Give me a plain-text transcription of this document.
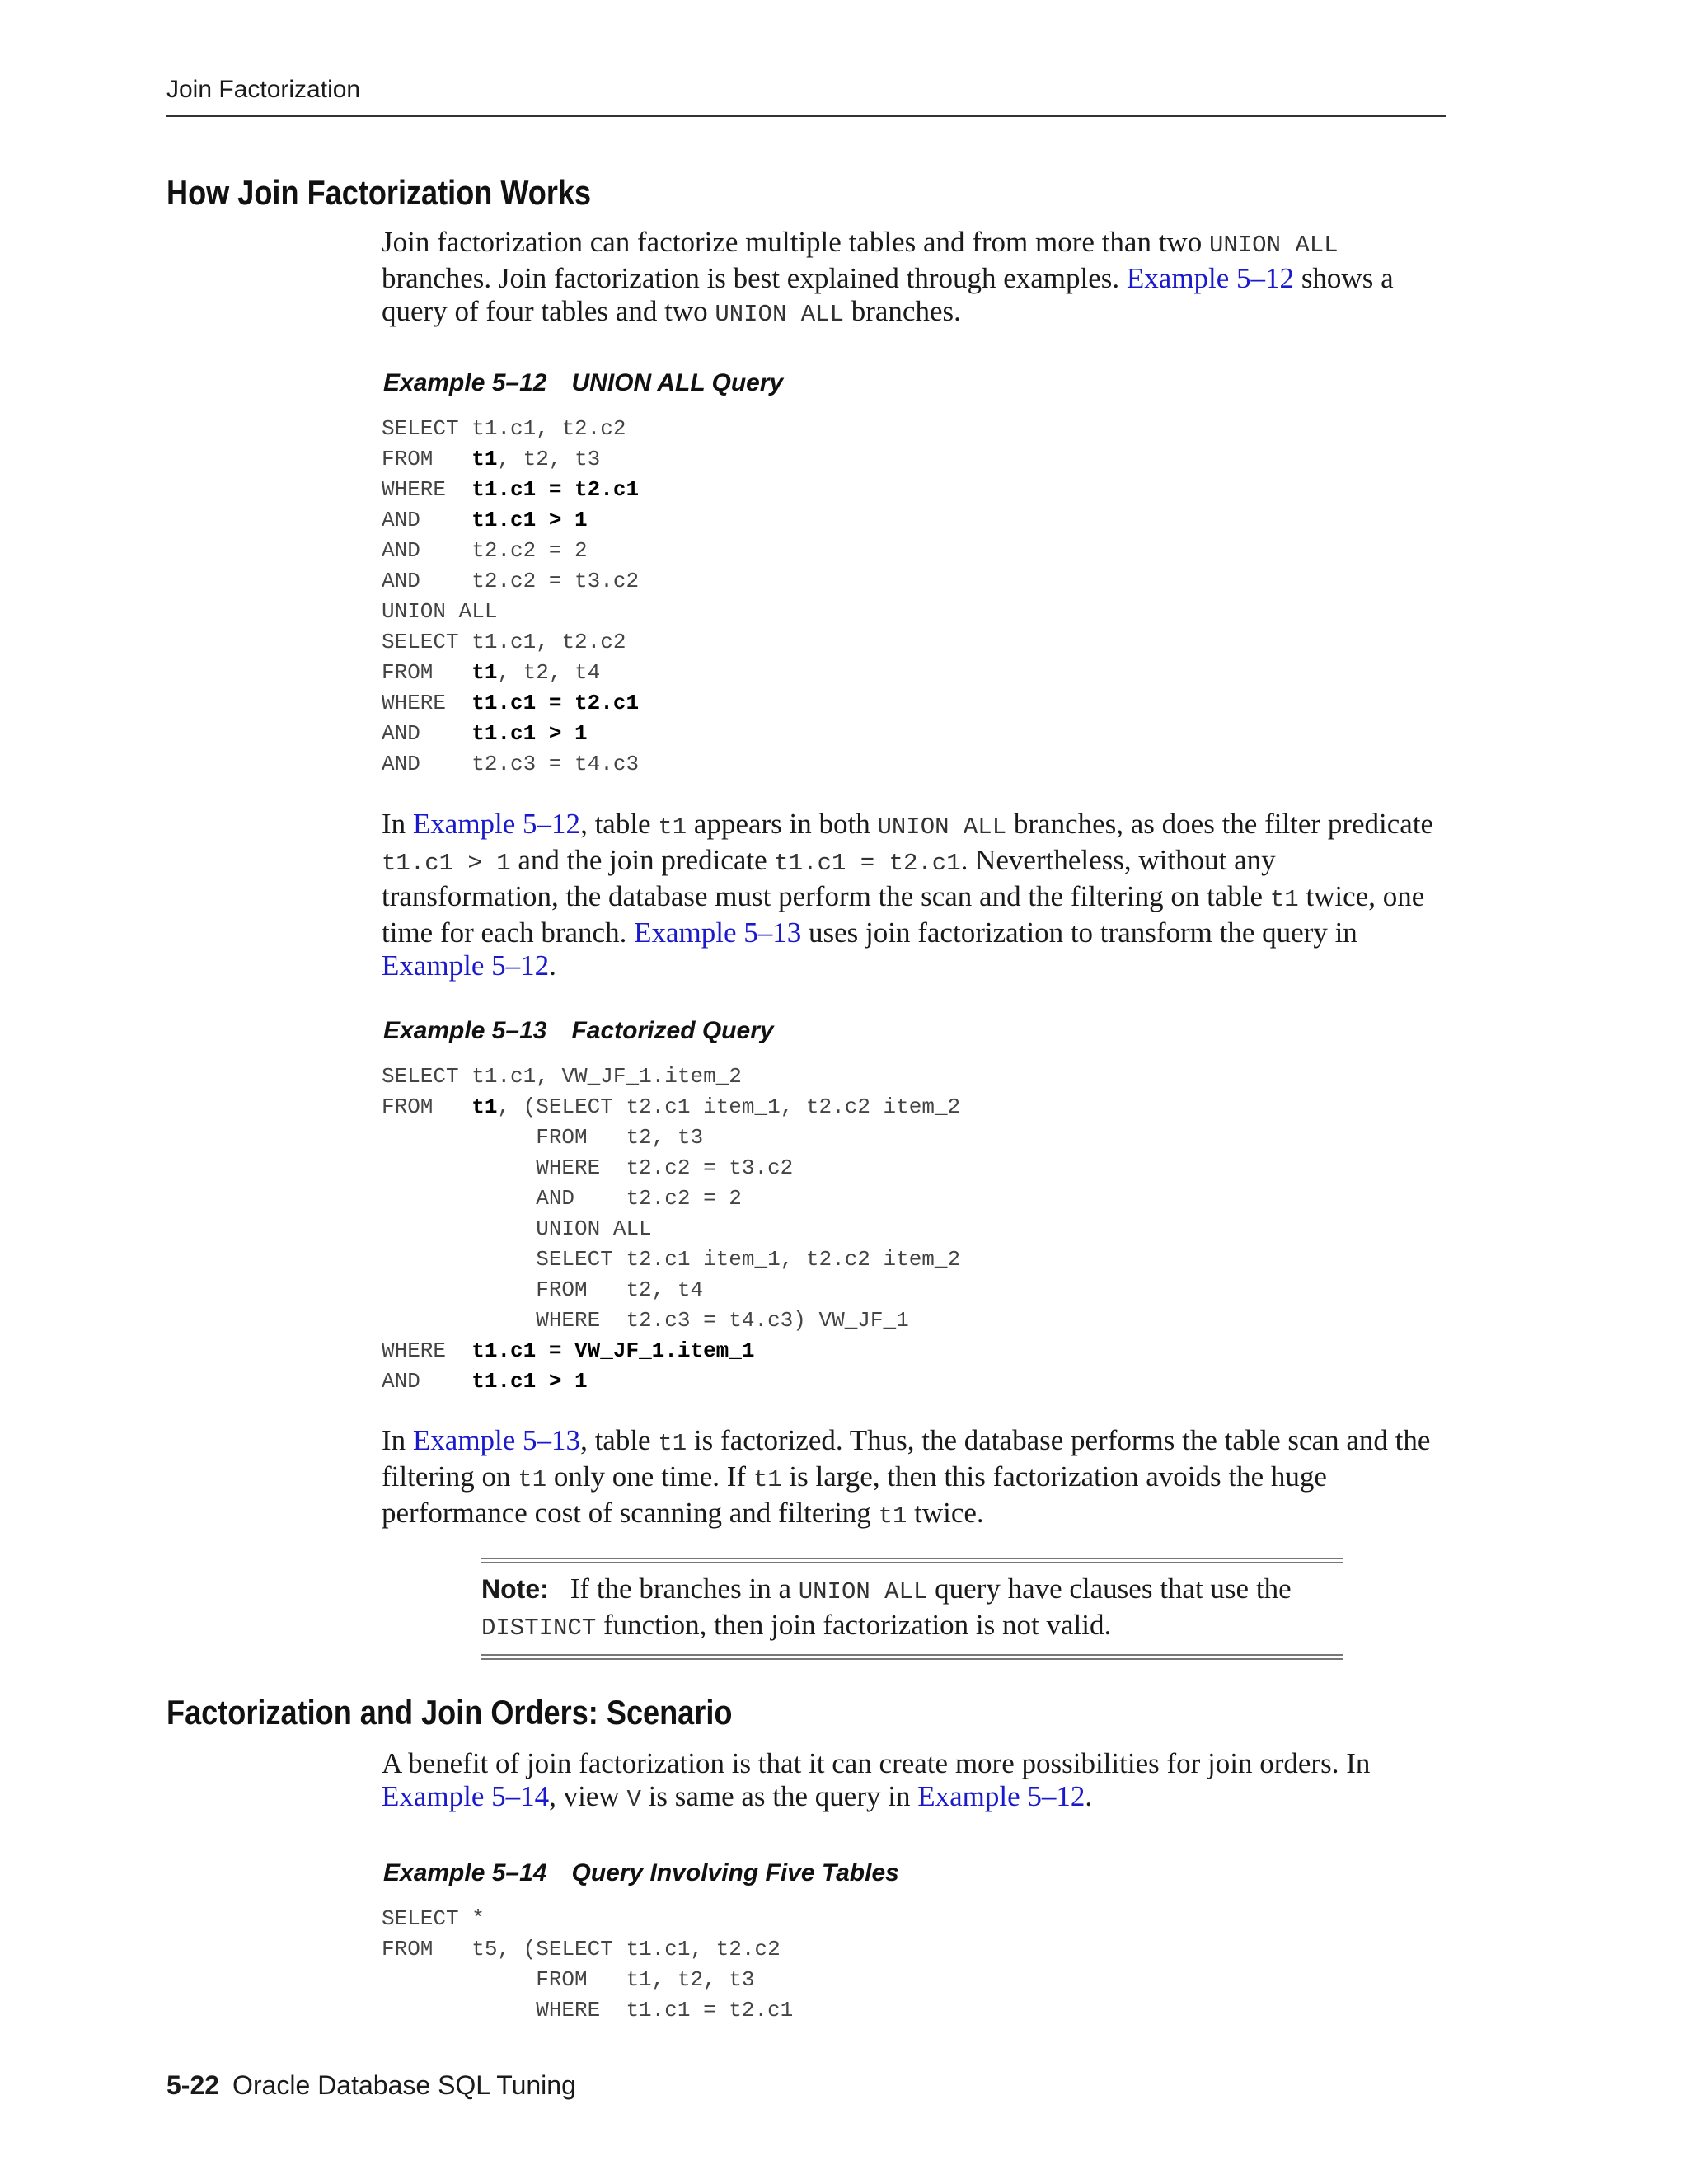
Join Factorization
How Join Factorization Works

Join factorization can factorize multiple tables and from more than two UNION ALL branches. Join factorization is best explained through examples. Example 5–12 shows a query of four tables and two UNION ALL branches.

Example 5–12 UNION ALL Query
SELECT t1.c1, t2.c2
FROM t1, t2, t3
WHERE t1.c1 = t2.c1
AND t1.c1 > 1
AND t2.c2 = 2
AND t2.c2 = t3.c2
UNION ALL
SELECT t1.c1, t2.c2
FROM t1, t2, t4
WHERE t1.c1 = t2.c1
AND t1.c1 > 1
AND t2.c3 = t4.c3

In Example 5–12, table t1 appears in both UNION ALL branches, as does the filter predicate t1.c1 > 1 and the join predicate t1.c1 = t2.c1. Nevertheless, without any transformation, the database must perform the scan and the filtering on table t1 twice, one time for each branch. Example 5–13 uses join factorization to transform the query in Example 5–12.

Example 5–13 Factorized Query
SELECT t1.c1, VW_JF_1.item_2
FROM t1, (SELECT t2.c1 item_1, t2.c2 item_2
FROM   t2, t3
WHERE  t2.c2 = t3.c2
AND    t2.c2 = 2
UNION ALL
SELECT t2.c1 item_1, t2.c2 item_2
FROM   t2, t4
WHERE  t2.c3 = t4.c3) VW_JF_1
WHERE t1.c1 = VW_JF_1.item_1
AND t1.c1 > 1

In Example 5–13, table t1 is factorized. Thus, the database performs the table scan and the filtering on t1 only one time. If t1 is large, then this factorization avoids the huge performance cost of scanning and filtering t1 twice.

Note: If the branches in a UNION ALL query have clauses that use the DISTINCT function, then join factorization is not valid.

Factorization and Join Orders: Scenario

A benefit of join factorization is that it can create more possibilities for join orders. In Example 5–14, view V is same as the query in Example 5–12.

Example 5–14 Query Involving Five Tables
SELECT *
FROM t5, (SELECT t1.c1, t2.c2
FROM   t1, t2, t3
WHERE  t1.c1 = t2.c1
5-22 Oracle Database SQL Tuning
